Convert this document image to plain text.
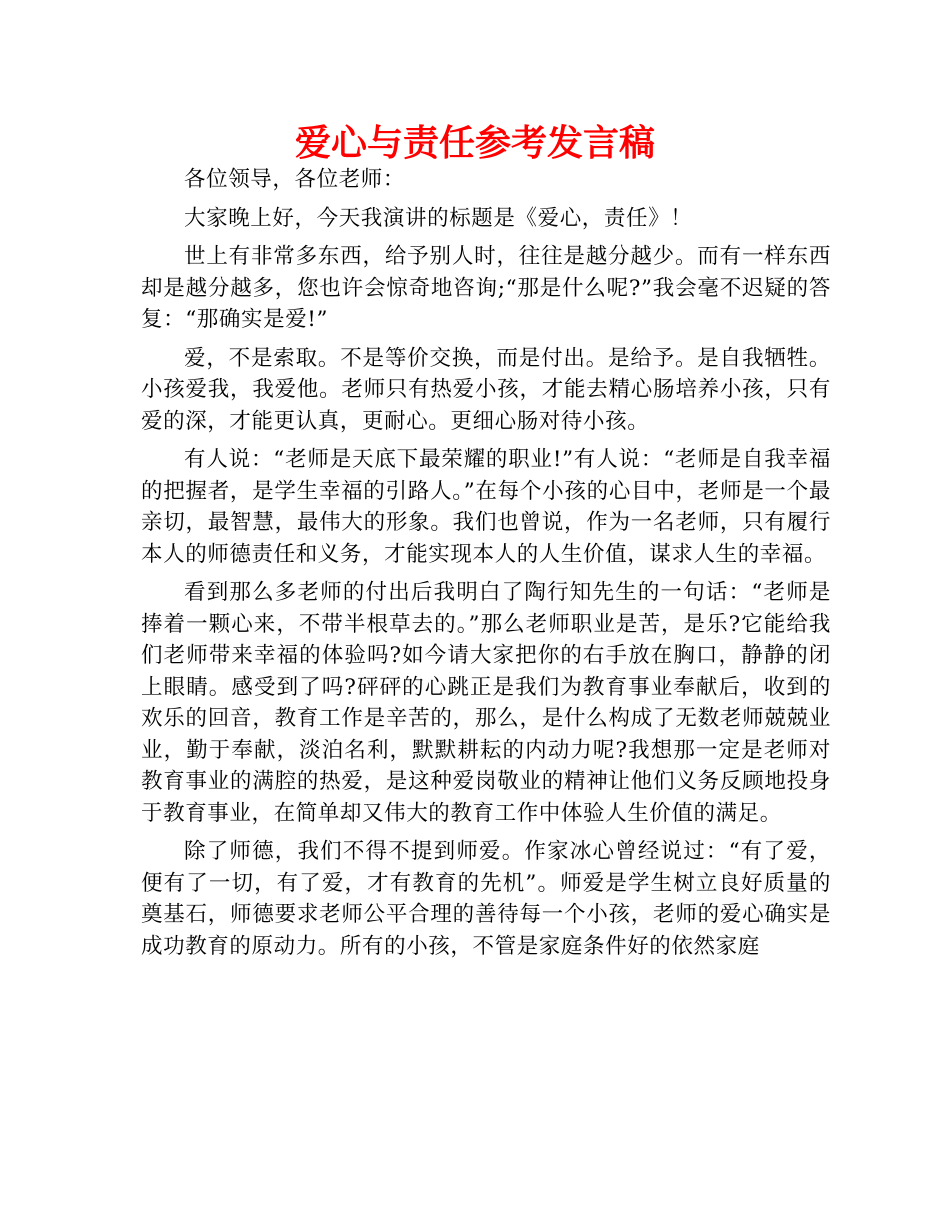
爱心与责任参考发言稿

各位领导，各位老师：

大家晚上好，今天我演讲的标题是《爱心，责任》！

世上有非常多东西，给予别人时，往往是越分越少。而有一样东西却是越分越多，您也许会惊奇地咨询;“那是什么呢?”我会毫不迟疑的答复：“那确实是爱!”

爱，不是索取。不是等价交换，而是付出。是给予。是自我牺牲。小孩爱我，我爱他。老师只有热爱小孩，才能去精心肠培养小孩，只有爱的深，才能更认真，更耐心。更细心肠对待小孩。

有人说：“老师是天底下最荣耀的职业!”有人说：“老师是自我幸福的把握者，是学生幸福的引路人。”在每个小孩的心目中，老师是一个最亲切，最智慧，最伟大的形象。我们也曾说，作为一名老师，只有履行本人的师德责任和义务，才能实现本人的人生价值，谋求人生的幸福。

看到那么多老师的付出后我明白了陶行知先生的一句话：“老师是捧着一颗心来，不带半根草去的。”那么老师职业是苦，是乐?它能给我们老师带来幸福的体验吗?如今请大家把你的右手放在胸口，静静的闭上眼睛。感受到了吗?砰砰的心跳正是我们为教育事业奉献后，收到的欢乐的回音，教育工作是辛苦的，那么，是什么构成了无数老师兢兢业业，勤于奉献，淡泊名利，默默耕耘的内动力呢?我想那一定是老师对教育事业的满腔的热爱，是这种爱岗敬业的精神让他们义务反顾地投身于教育事业，在简单却又伟大的教育工作中体验人生价值的满足。

除了师德，我们不得不提到师爱。作家冰心曾经说过：“有了爱，便有了一切，有了爱，才有教育的先机”。师爱是学生树立良好质量的奠基石，师德要求老师公平合理的善待每一个小孩，老师的爱心确实是成功教育的原动力。所有的小孩，不管是家庭条件好的依然家庭
